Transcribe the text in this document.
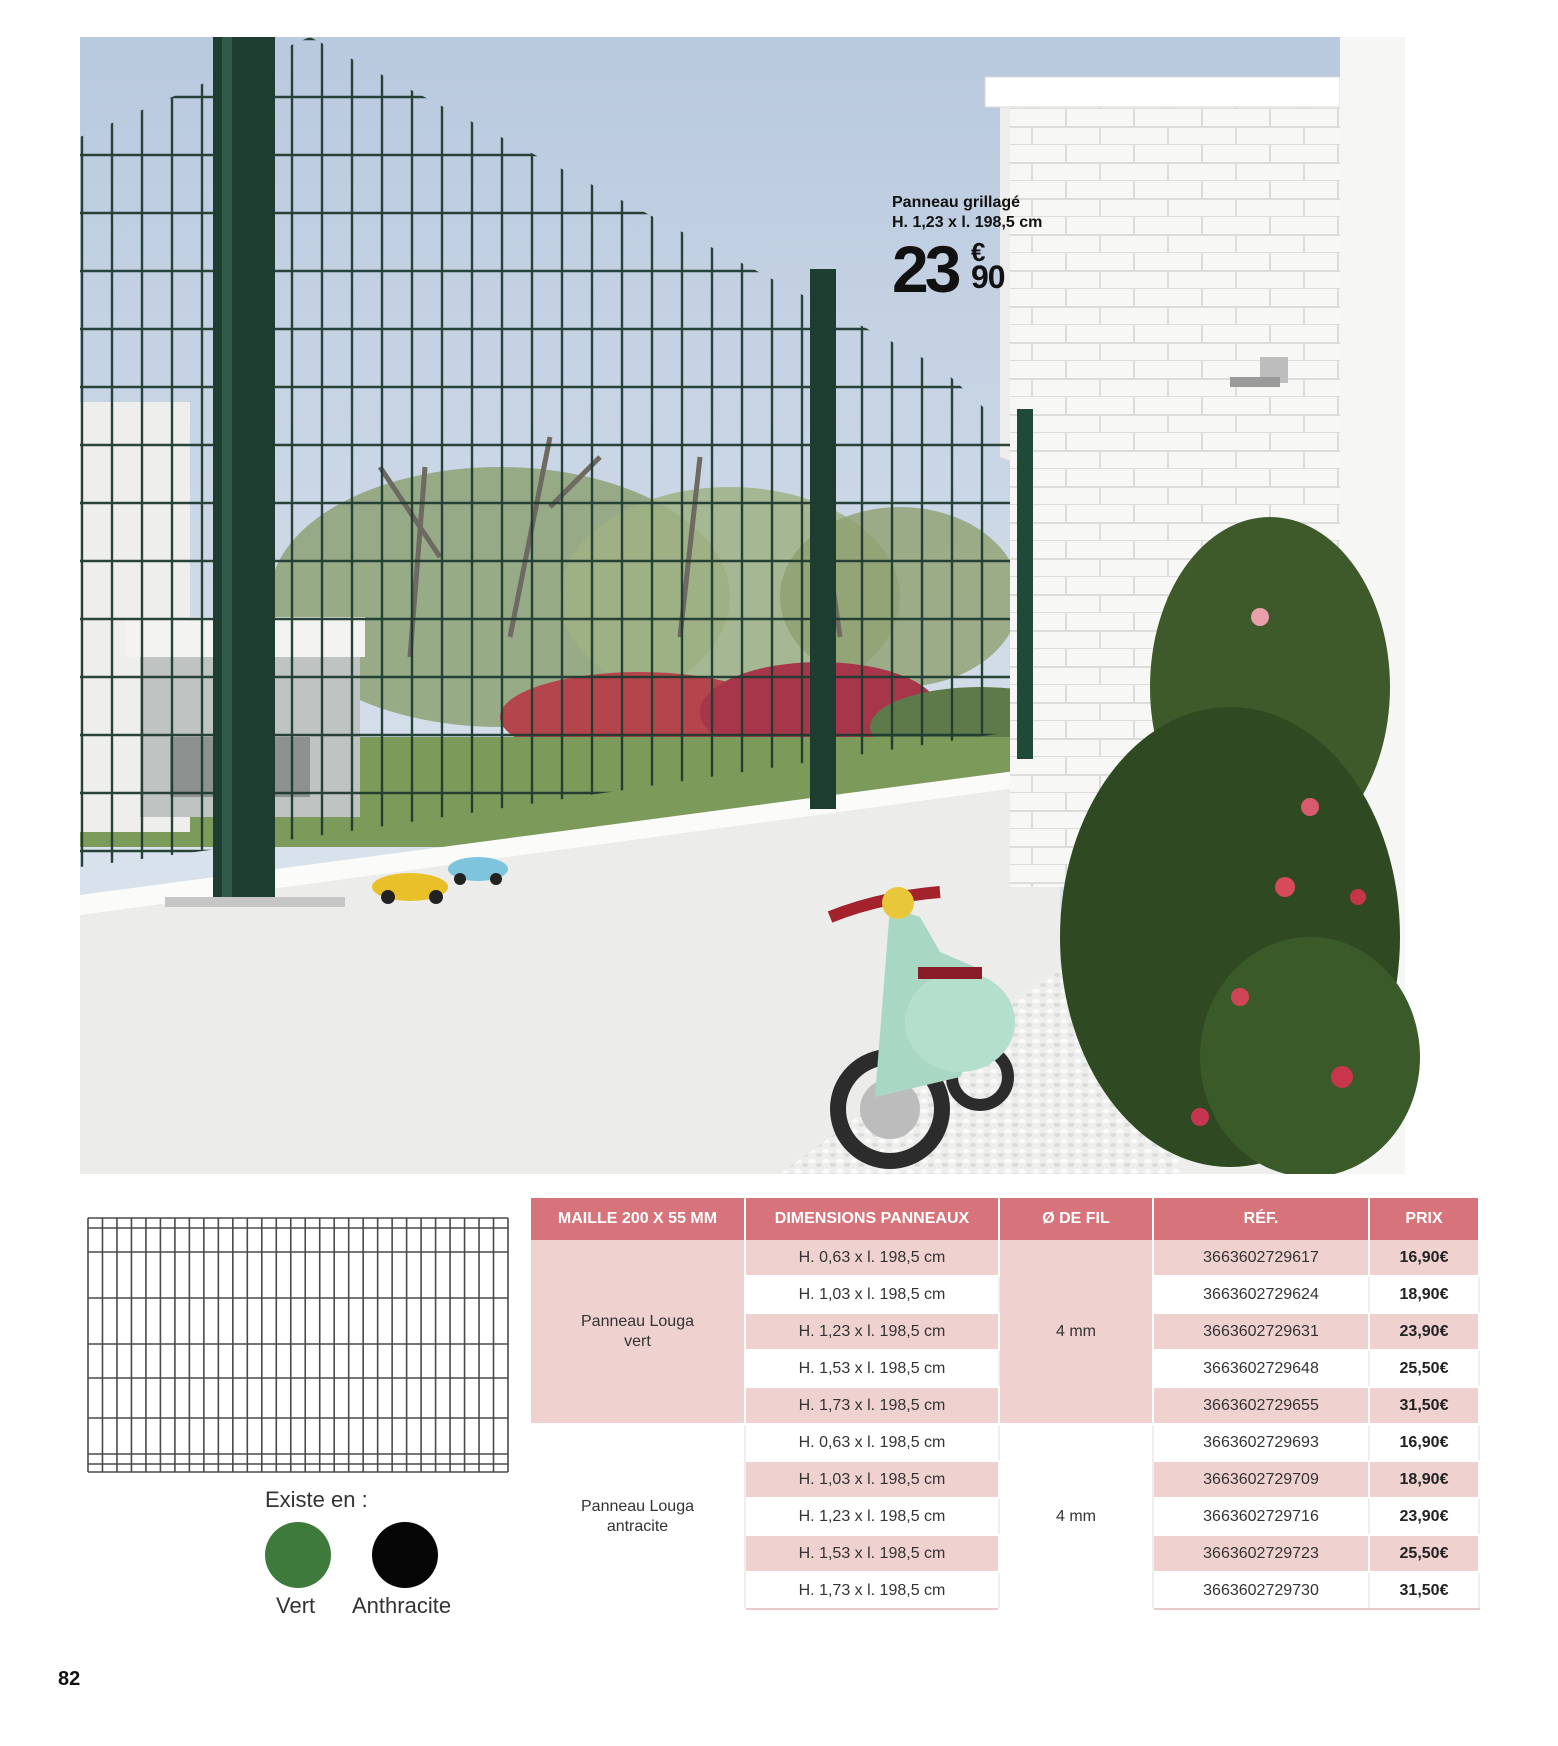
Panneau grillagé
H. 1,23 x l. 198,5 cm
23 €
90
Existe en :
Vert Anthracite
MAILLE 200 X 55 MM	DIMENSIONS PANNEAUX	Ø DE FIL	RÉF.	PRIX
Panneau Louga
vert	H. 0,63 x l. 198,5 cm	4 mm	3663602729617	16,90€
	H. 1,03 x l. 198,5 cm		3663602729624	18,90€
	H. 1,23 x l. 198,5 cm		3663602729631	23,90€
	H. 1,53 x l. 198,5 cm		3663602729648	25,50€
	H. 1,73 x l. 198,5 cm		3663602729655	31,50€
Panneau Louga
antracite	H. 0,63 x l. 198,5 cm	4 mm	3663602729693	16,90€
	H. 1,03 x l. 198,5 cm		3663602729709	18,90€
	H. 1,23 x l. 198,5 cm		3663602729716	23,90€
	H. 1,53 x l. 198,5 cm		3663602729723	25,50€
	H. 1,73 x l. 198,5 cm		3663602729730	31,50€
82
